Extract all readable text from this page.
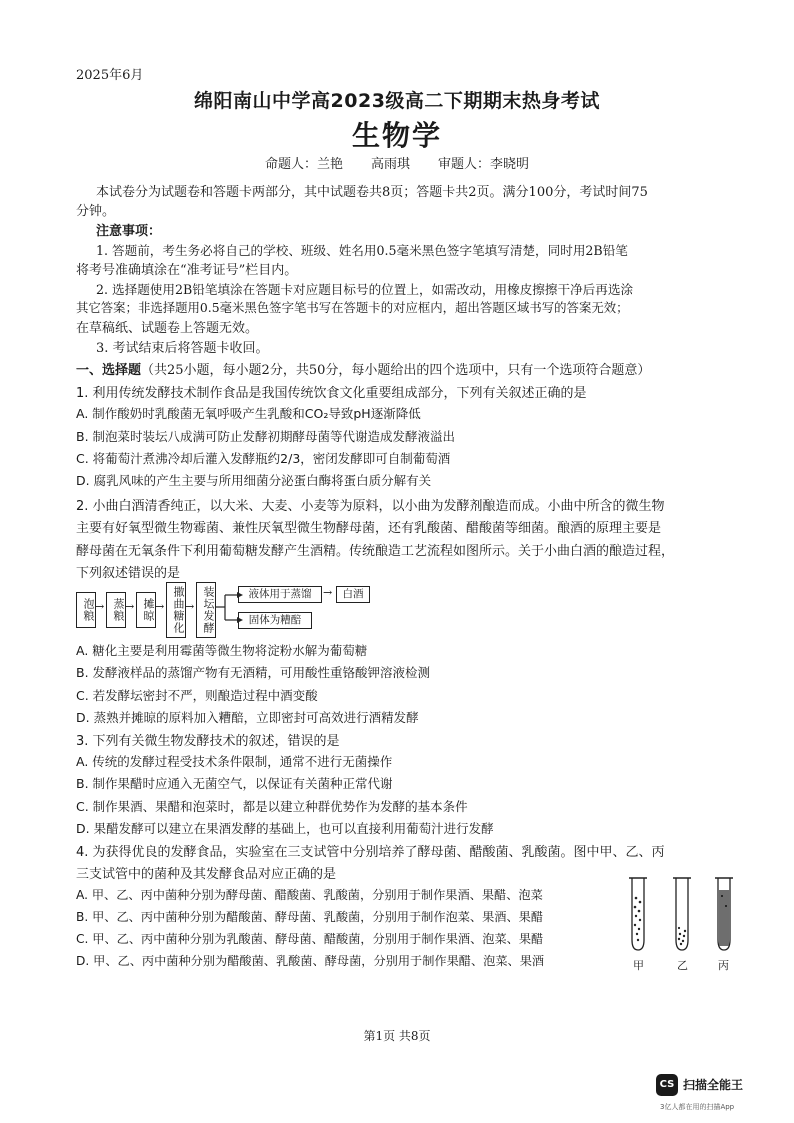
2025年6月
绵阳南山中学高2023级高二下期期末热身考试
生物学
命题人：兰艳 高雨琪 审题人：李晓明
本试卷分为试题卷和答题卡两部分，其中试题卷共8页；答题卡共2页。满分100分，考试时间75
分钟。
注意事项：
1. 答题前，考生务必将自己的学校、班级、姓名用0.5毫米黑色签字笔填写清楚，同时用2B铅笔
将考号准确填涂在“准考证号”栏目内。
2. 选择题使用2B铅笔填涂在答题卡对应题目标号的位置上，如需改动，用橡皮擦擦干净后再选涂
其它答案；非选择题用0.5毫米黑色签字笔书写在答题卡的对应框内，超出答题区域书写的答案无效；
在草稿纸、试题卷上答题无效。
3. 考试结束后将答题卡收回。
一、选择题（共25小题，每小题2分，共50分，每小题给出的四个选项中，只有一个选项符合题意）
1. 利用传统发酵技术制作食品是我国传统饮食文化重要组成部分，下列有关叙述正确的是
A. 制作酸奶时乳酸菌无氧呼吸产生乳酸和CO₂导致pH逐渐降低
B. 制泡菜时装坛八成满可防止发酵初期酵母菌等代谢造成发酵液溢出
C. 将葡萄汁煮沸冷却后灌入发酵瓶约2/3，密闭发酵即可自制葡萄酒
D. 腐乳风味的产生主要与所用细菌分泌蛋白酶将蛋白质分解有关
2. 小曲白酒清香纯正，以大米、大麦、小麦等为原料，以小曲为发酵剂酿造而成。小曲中所含的微生物
主要有好氧型微生物霉菌、兼性厌氧型微生物酵母菌，还有乳酸菌、醋酸菌等细菌。酿酒的原理主要是
酵母菌在无氧条件下利用葡萄糖发酵产生酒精。传统酿造工艺流程如图所示。关于小曲白酒的酿造过程，
下列叙述错误的是
泡粮 → 蒸粮 → 摊晾 → 撒曲糖化 → 装坛发酵	液体用于蒸馏	→ 白酒
固体为糟醅
A. 糖化主要是利用霉菌等微生物将淀粉水解为葡萄糖
B. 发酵液样品的蒸馏产物有无酒精，可用酸性重铬酸钾溶液检测
C. 若发酵坛密封不严，则酿造过程中酒变酸
D. 蒸熟并摊晾的原料加入糟醅，立即密封可高效进行酒精发酵
3. 下列有关微生物发酵技术的叙述，错误的是
A. 传统的发酵过程受技术条件限制，通常不进行无菌操作
B. 制作果醋时应通入无菌空气，以保证有关菌种正常代谢
C. 制作果酒、果醋和泡菜时，都是以建立种群优势作为发酵的基本条件
D. 果醋发酵可以建立在果酒发酵的基础上，也可以直接利用葡萄汁进行发酵
4. 为获得优良的发酵食品，实验室在三支试管中分别培养了酵母菌、醋酸菌、乳酸菌。图中甲、乙、丙
三支试管中的菌种及其发酵食品对应正确的是
A. 甲、乙、丙中菌种分别为酵母菌、醋酸菌、乳酸菌，分别用于制作果酒、果醋、泡菜
B. 甲、乙、丙中菌种分别为醋酸菌、酵母菌、乳酸菌，分别用于制作泡菜、果酒、果醋
C. 甲、乙、丙中菌种分别为乳酸菌、酵母菌、醋酸菌，分别用于制作果酒、泡菜、果醋
D. 甲、乙、丙中菌种分别为醋酸菌、乳酸菌、酵母菌，分别用于制作果醋、泡菜、果酒	甲	乙	丙
第1页 共8页
CS 扫描全能王
3亿人都在用的扫描App
